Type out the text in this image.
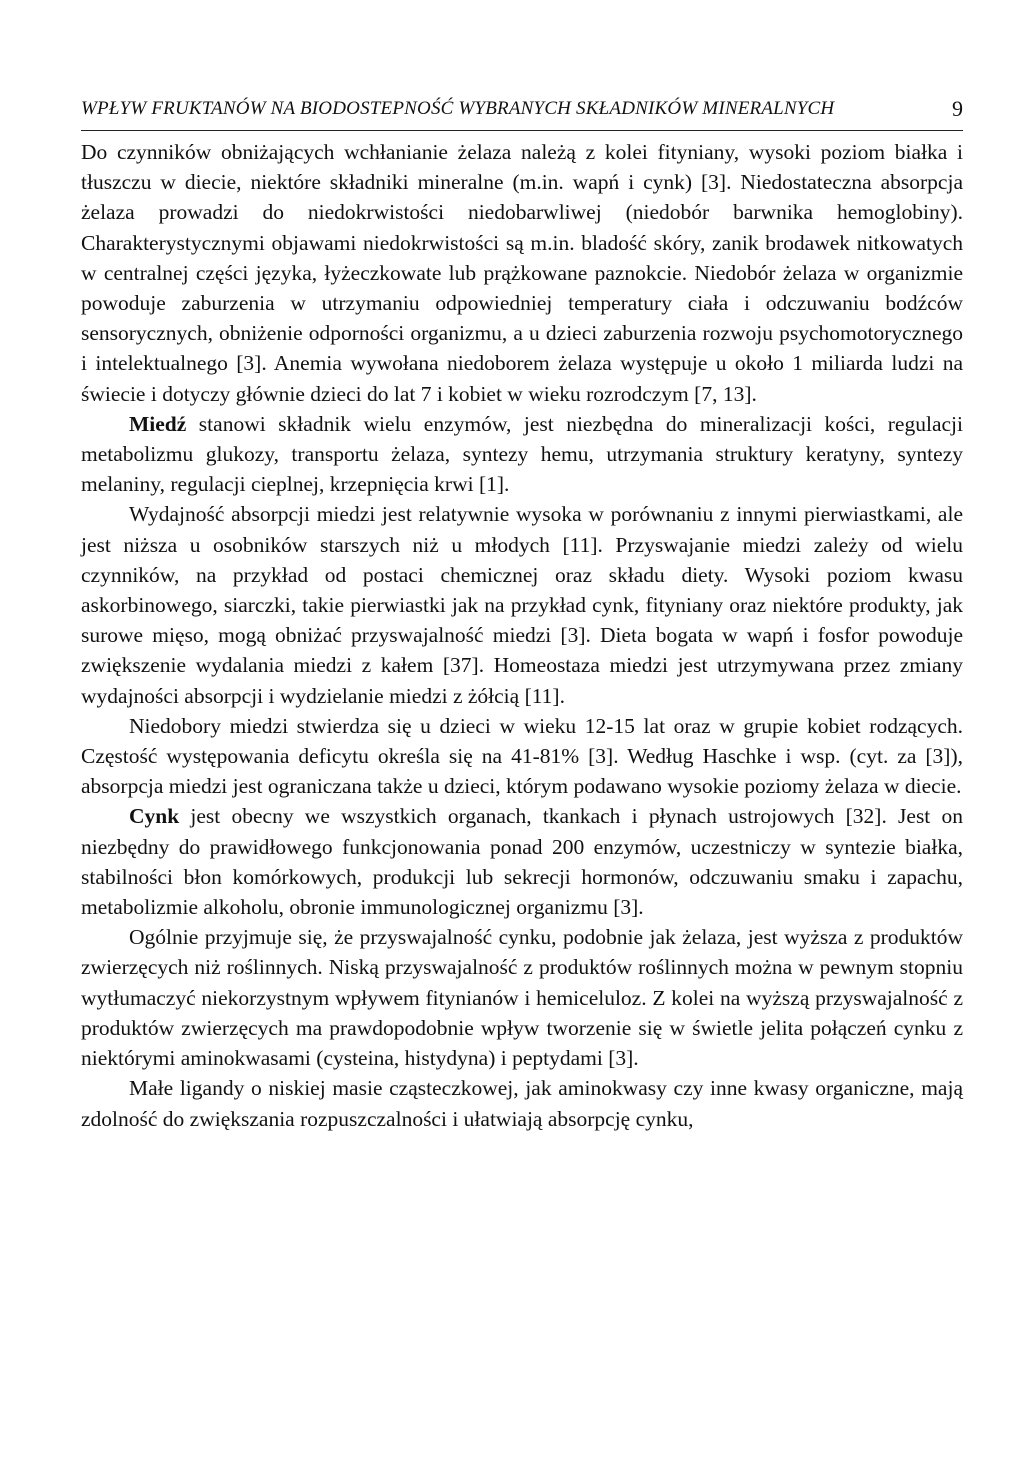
WPŁYW FRUKTANÓW NA BIODOSTEPNOŚĆ WYBRANYCH SKŁADNIKÓW MINERALNYCH	9

Do czynników obniżających wchłanianie żelaza należą z kolei fityniany, wysoki poziom białka i tłuszczu w diecie, niektóre składniki mineralne (m.in. wapń i cynk) [3]. Niedostateczna absorpcja żelaza prowadzi do niedokrwistości niedobarwliwej (niedobór barwnika hemoglobiny). Charakterystycznymi objawami niedokrwistości są m.in. bladość skóry, zanik brodawek nitkowatych w centralnej części języka, łyżeczkowate lub prążkowane paznokcie. Niedobór żelaza w organizmie powoduje zaburzenia w utrzymaniu odpowiedniej temperatury ciała i odczuwaniu bodźców sensorycznych, obniżenie odporności organizmu, a u dzieci zaburzenia rozwoju psychomotorycznego i intelektualnego [3]. Anemia wywołana niedoborem żelaza występuje u około 1 miliarda ludzi na świecie i dotyczy głównie dzieci do lat 7 i kobiet w wieku rozrodczym [7, 13].

Miedź stanowi składnik wielu enzymów, jest niezbędna do mineralizacji kości, regulacji metabolizmu glukozy, transportu żelaza, syntezy hemu, utrzymania struktury keratyny, syntezy melaniny, regulacji cieplnej, krzepnięcia krwi [1].

Wydajność absorpcji miedzi jest relatywnie wysoka w porównaniu z innymi pierwiastkami, ale jest niższa u osobników starszych niż u młodych [11]. Przyswajanie miedzi zależy od wielu czynników, na przykład od postaci chemicznej oraz składu diety. Wysoki poziom kwasu askorbinowego, siarczki, takie pierwiastki jak na przykład cynk, fityniany oraz niektóre produkty, jak surowe mięso, mogą obniżać przyswajalność miedzi [3]. Dieta bogata w wapń i fosfor powoduje zwiększenie wydalania miedzi z kałem [37]. Homeostaza miedzi jest utrzymywana przez zmiany wydajności absorpcji i wydzielanie miedzi z żółcią [11].

Niedobory miedzi stwierdza się u dzieci w wieku 12-15 lat oraz w grupie kobiet rodzących. Częstość występowania deficytu określa się na 41-81% [3]. Według Haschke i wsp. (cyt. za [3]), absorpcja miedzi jest ograniczana także u dzieci, którym podawano wysokie poziomy żelaza w diecie.

Cynk jest obecny we wszystkich organach, tkankach i płynach ustrojowych [32]. Jest on niezbędny do prawidłowego funkcjonowania ponad 200 enzymów, uczestniczy w syntezie białka, stabilności błon komórkowych, produkcji lub sekrecji hormonów, odczuwaniu smaku i zapachu, metabolizmie alkoholu, obronie immunologicznej organizmu [3].

Ogólnie przyjmuje się, że przyswajalność cynku, podobnie jak żelaza, jest wyższa z produktów zwierzęcych niż roślinnych. Niską przyswajalność z produktów roślinnych można w pewnym stopniu wytłumaczyć niekorzystnym wpływem fitynianów i hemiceluloz. Z kolei na wyższą przyswajalność z produktów zwierzęcych ma prawdopodobnie wpływ tworzenie się w świetle jelita połączeń cynku z niektórymi aminokwasami (cysteina, histydyna) i peptydami [3].

Małe ligandy o niskiej masie cząsteczkowej, jak aminokwasy czy inne kwasy organiczne, mają zdolność do zwiększania rozpuszczalności i ułatwiają absorpcję cynku,
